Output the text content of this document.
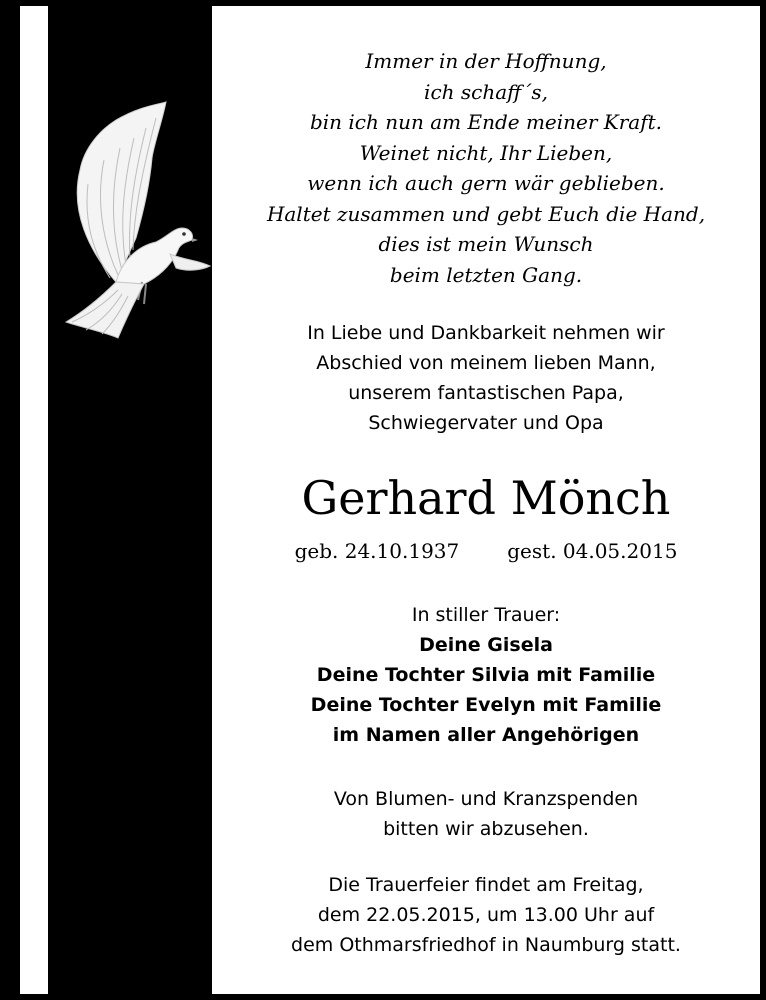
Immer in der Hoffnung,
ich schaff´s,
bin ich nun am Ende meiner Kraft.
Weinet nicht, Ihr Lieben,
wenn ich auch gern wär geblieben.
Haltet zusammen und gebt Euch die Hand,
dies ist mein Wunsch
beim letzten Gang.
In Liebe und Dankbarkeit nehmen wir
Abschied von meinem lieben Mann,
unserem fantastischen Papa,
Schwiegervater und Opa
Gerhard Mönch
geb. 24.10.1937 gest. 04.05.2015
In stiller Trauer:
Deine Gisela
Deine Tochter Silvia mit Familie
Deine Tochter Evelyn mit Familie
im Namen aller Angehörigen
Von Blumen- und Kranzspenden
bitten wir abzusehen.
Die Trauerfeier findet am Freitag,
dem 22.05.2015, um 13.00 Uhr auf
dem Othmarsfriedhof in Naumburg statt.
